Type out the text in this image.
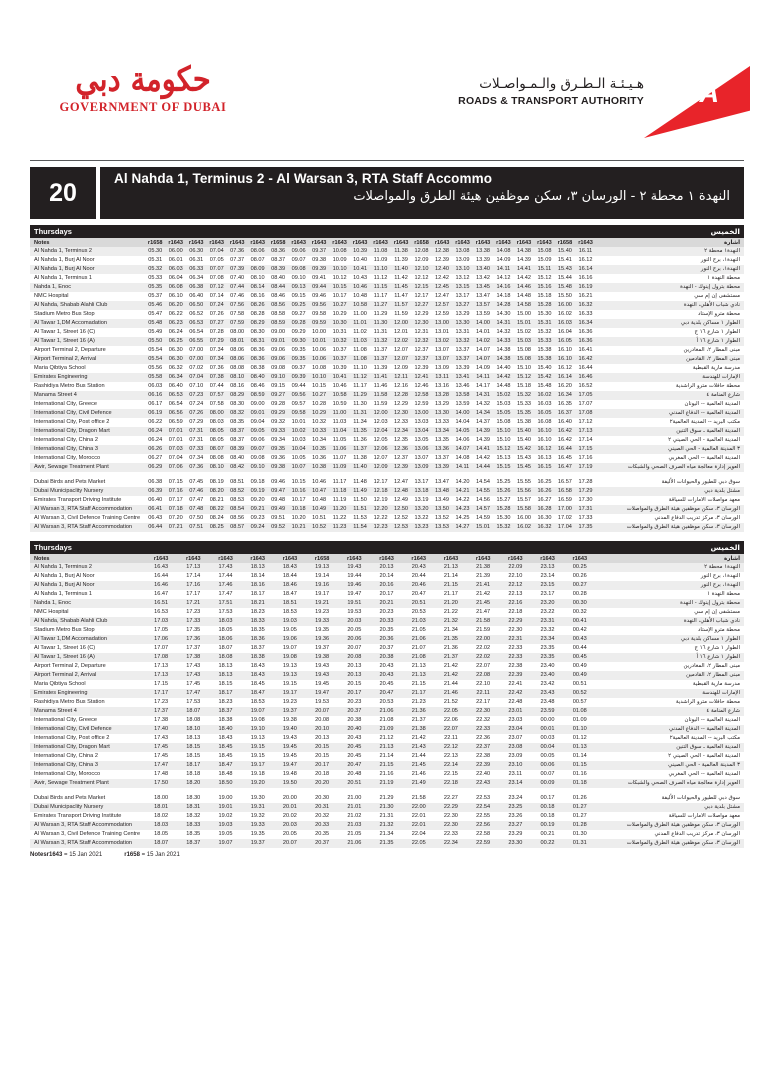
حكومة دبي
GOVERNMENT OF DUBAI
هـيـئـة الـطـرق والـمـواصـلات
ROADS & TRANSPORT AUTHORITY RTA
20	Al Nahda 1, Terminus 2 - Al Warsan 3, RTA Staff Accommo
النهدة ١ محطة ٢ - الورسان ٣، سكن موظفين هيئة الطرق والمواصلات
Thursdays												الخميس											
Notes	r1658	r1643	r1643	r1643	r1643	r1643	r1658	r1643	r1643	r1643	r1643	r1643	r1643	r1658	r1643	r1643	r1643	r1643	r1643	r1643	r1658	r1643	اشارة
Al Nahda 1, Terminus 2	05.30	06.00	06.30	07.04	07.36	08.06	08.36	09.06	09.37	10.08	10.39	11.08	11.38	12.08	12.38	13.08	13.38	14.08	14.38	15.08	15.40	16.11	النهدة١ محطة ٢
Al Nahda 1, Burj Al Noor	05.31	06.01	06.31	07.05	07.37	08.07	08.37	09.07	09.38	10.09	10.40	11.09	11.39	12.09	12.39	13.09	13.39	14.09	14.39	15.09	15.41	16.12	النهدة١، برج النور
Al Nahda 1, Burj Al Noor	05.32	06.03	06.33	07.07	07.39	08.09	08.39	09.08	09.39	10.10	10.41	11.10	11.40	12.10	12.40	13.10	13.40	14.11	14.41	15.11	15.43	16.14	النهدة١، برج النور
Al Nahda 1, Terminus 1	05.33	06.04	06.34	07.08	07.40	08.10	08.40	09.10	09.41	10.12	10.43	11.12	11.42	12.12	12.42	13.12	13.42	14.12	14.42	15.12	15.44	16.16	محطة النهدة ١
Nahda 1, Enoc	05.35	06.08	06.38	07.12	07.44	08.14	08.44	09.13	09.44	10.15	10.46	11.15	11.45	12.15	12.45	13.15	13.45	14.16	14.46	15.16	15.48	16.19	محطة بترول إينوك - النهدة
NMC Hospital	05.37	06.10	06.40	07.14	07.46	08.16	08.46	09.15	09.46	10.17	10.48	11.17	11.47	12.17	12.47	13.17	13.47	14.18	14.48	15.18	15.50	16.21	مستشفى إن إم سي
Al Nahda, Shabab Alahli Club	05.46	06.20	06.50	07.24	07.56	08.26	08.56	09.25	09.56	10.27	10.58	11.27	11.57	12.27	12.57	13.27	13.57	14.28	14.58	15.28	16.00	16.32	نادي شباب الأهلي، النهدة
Stadium Metro Bus Stop	05.47	06.22	06.52	07.26	07.58	08.28	08.58	09.27	09.58	10.29	11.00	11.29	11.59	12.29	12.59	13.29	13.59	14.30	15.00	15.30	16.02	16.33	محطة مترو الإستاد
Al Tawar 1,DM Accomadation	05.48	06.23	06.53	07.27	07.59	08.29	08.59	09.28	09.59	10.30	11.01	11.30	12.00	12.30	13.00	13.30	14.00	14.31	15.01	15.31	16.03	16.34	الطوار ١ مساكن بلدية دبي
Al Tawar 1, Street 16 (C)	05.49	06.24	06.54	07.28	08.00	08.30	09.00	09.29	10.00	10.31	11.02	11.31	12.01	12.31	13.01	13.31	14.01	14.32	15.02	15.32	16.04	16.36	الطوار ١ شارع ١٦ ج
Al Tawar 1, Street 16 (A)	05.50	06.25	06.55	07.29	08.01	08.31	09.01	09.30	10.01	10.32	11.03	11.32	12.02	12.32	13.02	13.32	14.02	14.33	15.03	15.33	16.05	16.36	الطوار ١ شارع ١٦ أ
Airport Terminal 2, Departure	05.54	06.30	07.00	07.34	08.06	08.36	09.06	09.35	10.06	10.37	11.08	11.37	12.07	12.37	13.07	13.37	14.07	14.38	15.08	15.38	16.10	16.41	مبنى المطار ٢، المغادرين
Airport Terminal 2, Arrival	05.54	06.30	07.00	07.34	08.06	08.36	09.06	09.35	10.06	10.37	11.08	11.37	12.07	12.37	13.07	13.37	14.07	14.38	15.08	15.38	16.10	16.42	مبنى المطار ٢، القادمين
Maria Qibtiya School	05.56	06.32	07.02	07.36	08.08	08.38	09.08	09.37	10.08	10.39	11.10	11.39	12.09	12.39	13.09	13.39	14.09	14.40	15.10	15.40	16.12	16.44	مدرسة مارية القبطية
Emirates Engineering	05.58	06.34	07.04	07.38	08.10	08.40	09.10	09.39	10.10	10.41	11.12	11.41	12.11	12.41	13.11	13.41	14.11	14.42	15.12	15.42	16.14	16.46	الإمارات للهندسة
Rashidiya Metro Bus Station	06.03	06.40	07.10	07.44	08.16	08.46	09.15	09.44	10.15	10.46	11.17	11.46	12.16	12.46	13.16	13.46	14.17	14.48	15.18	15.48	16.20	16.52	محطة حافلات مترو الراشدية
Manama Street 4	06.16	06.53	07.23	07.57	08.29	08.59	09.27	09.56	10.27	10.58	11.29	11.58	12.28	12.58	13.28	13.58	14.31	15.02	15.32	16.02	16.34	17.05	شارع المنامة ٤
International City, Greece	06.17	06.54	07.24	07.58	08.30	09.00	09.28	09.57	10.28	10.59	11.30	11.59	12.29	12.59	13.29	13.59	14.32	15.03	15.33	16.03	16.35	17.07	المدينة العالمية -- اليونان
International City, Civil Defence	06.19	06.56	07.26	08.00	08.32	09.01	09.29	09.58	10.29	11.00	11.31	12.00	12.30	13.00	13.30	14.00	14.34	15.05	15.35	16.05	16.37	17.08	المدينة العالمية -- الدفاع المدني
International City, Post office 2	06.22	06.59	07.29	08.03	08.35	09.04	09.32	10.01	10.32	11.03	11.34	12.03	12.33	13.03	13.33	14.04	14.37	15.08	15.38	16.08	16.40	17.12	مكتب البريد -- المدينة العالمية٢
International City, Dragon Mart	06.24	07.01	07.31	08.05	08.37	09.05	09.33	10.02	10.33	11.04	11.35	12.04	12.34	13.04	13.34	14.05	14.39	15.10	15.40	16.10	16.42	17.13	المدينة العالمية ـ سوق التنين
International City, China 2	06.24	07.01	07.31	08.05	08.37	09.06	09.34	10.03	10.34	11.05	11.36	12.05	12.35	13.05	13.35	14.06	14.39	15.10	15.40	16.10	16.42	17.14	المدينة العالمية - الحي الصيني ٢
International City, China 3	06.26	07.03	07.33	08.07	08.39	09.07	09.35	10.04	10.35	11.06	11.37	12.06	12.36	13.06	13.36	14.07	14.41	15.12	15.42	16.12	16.44	17.15	٣ المدينة العالمية - الحي الصيني
International City, Morocco	06.27	07.04	07.34	08.08	08.40	09.08	09.36	10.05	10.36	11.07	11.38	12.07	12.37	13.07	13.37	14.08	14.42	15.13	15.43	16.13	16.45	17.16	المدينة العالمية -- الحي المغربي
Awir, Sewage Treatment Plant	06.29	07.06	07.36	08.10	08.42	09.10	09.38	10.07	10.38	11.09	11.40	12.09	12.39	13.09	13.39	14.11	14.44	15.15	15.45	16.15	16.47	17.19	العوير إدارة معالجة مياه الصرف الصحي والشبكات

Dubai Birds and Pets Market	06.38	07.15	07.45	08.19	08.51	09.18	09.46	10.15	10.46	11.17	11.48	12.17	12.47	13.17	13.47	14.20	14.54	15.25	15.55	16.25	16.57	17.28	سوق دبي للطيور والحيوانات الأليفة
Dubai Municipaclity Nursery	06.39	07.16	07.46	08.20	08.52	09.19	09.47	10.16	10.47	11.18	11.49	12.18	12.48	13.18	13.48	14.21	14.55	15.26	15.56	16.26	16.58	17.29	مشتل بلدية دبي
Emirates Transport Driving Institute	06.40	07.17	07.47	08.21	08.53	09.20	09.48	10.17	10.48	11.19	11.50	12.19	12.49	13.19	13.49	14.22	14.56	15.27	15.57	16.27	16.59	17.30	معهد مواصلات الامارات للسياقة
Al Warsan 3, RTA Staff Accommodation	06.41	07.18	07.48	08.22	08.54	09.21	09.49	10.18	10.49	11.20	11.51	12.20	12.50	13.20	13.50	14.23	14.57	15.28	15.58	16.28	17.00	17.31	الورسان ٣، سكن موظفين هيئة الطرق والمواصلات
Al Warsan 3, Civil Defence Training Centre	06.43	07.20	07.50	08.24	08.56	09.23	09.51	10.20	10.51	11.22	11.53	12.22	12.52	13.22	13.52	14.25	14.59	15.30	16.00	16.30	17.02	17.33	الورسان ٣، مركز تدريب الدفاع المدني
Al Warsan 3, RTA Staff Accommodation	06.44	07.21	07.51	08.25	08.57	09.24	09.52	10.21	10.52	11.23	11.54	12.23	12.53	13.23	13.53	14.27	15.01	15.32	16.02	16.32	17.04	17.35	الورسان ٣، سكن موظفين هيئة الطرق والمواصلات
Thursdays								الخميس							
Notes	r1643	r1643	r1643	r1643	r1643	r1658	r1643	r1643	r1643	r1643	r1643	r1643	r1643	r1643	اشارة
Al Nahda 1, Terminus 2	16.43	17.13	17.43	18.13	18.43	19.13	19.43	20.13	20.43	21.13	21.38	22.09	23.13	00.25	النهدة١ محطة ٢
Al Nahda 1, Burj Al Noor	16.44	17.14	17.44	18.14	18.44	19.14	19.44	20.14	20.44	21.14	21.39	22.10	23.14	00.26	النهدة١، برج النور
Al Nahda 1, Burj Al Noor	16.46	17.16	17.46	18.16	18.46	19.16	19.46	20.16	20.46	21.15	21.41	22.12	23.15	00.27	النهدة١، برج النور
Al Nahda 1, Terminus 1	16.47	17.17	17.47	18.17	18.47	19.17	19.47	20.17	20.47	21.17	21.42	22.13	23.17	00.28	محطة النهدة ١
Nahda 1, Enoc	16.51	17.21	17.51	18.21	18.51	19.21	19.51	20.21	20.51	21.20	21.45	22.16	23.20	00.30	محطة بترول إينوك - النهدة
NMC Hospital	16.53	17.23	17.53	18.23	18.53	19.23	19.53	20.23	20.53	21.22	21.47	22.18	23.22	00.32	مستشفى إن إم سي
Al Nahda, Shabab Alahli Club	17.03	17.33	18.03	18.33	19.03	19.33	20.03	20.33	21.03	21.32	21.58	22.29	23.31	00.41	نادي شباب الأهلي، النهدة
Stadium Metro Bus Stop	17.05	17.35	18.05	18.35	19.05	19.35	20.05	20.35	21.05	21.34	21.59	22.30	23.32	00.42	محطة مترو الإستاد
Al Tawar 1,DM Accomadation	17.06	17.36	18.06	18.36	19.06	19.36	20.06	20.36	21.06	21.35	22.00	22.31	23.34	00.43	الطوار ١ مساكن بلدية دبي
Al Tawar 1, Street 16 (C)	17.07	17.37	18.07	18.37	19.07	19.37	20.07	20.37	21.07	21.36	22.02	22.33	23.35	00.44	الطوار ١ شارع ١٦ ج
Al Tawar 1, Street 16 (A)	17.08	17.38	18.08	18.38	19.08	19.38	20.08	20.38	21.08	21.37	22.02	22.33	23.35	00.45	الطوار ١ شارع ١٦ أ
Airport Terminal 2, Departure	17.13	17.43	18.13	18.43	19.13	19.43	20.13	20.43	21.13	21.42	22.07	22.38	23.40	00.49	مبنى المطار ٢، المغادرين
Airport Terminal 2, Arrival	17.13	17.43	18.13	18.43	19.13	19.43	20.13	20.43	21.13	21.42	22.08	22.39	23.40	00.49	مبنى المطار ٢، القادمين
Maria Qibtiya School	17.15	17.45	18.15	18.45	19.15	19.45	20.15	20.45	21.15	21.44	22.10	22.41	23.42	00.51	مدرسة مارية القبطية
Emirates Engineering	17.17	17.47	18.17	18.47	19.17	19.47	20.17	20.47	21.17	21.46	22.11	22.42	23.43	00.52	الإمارات للهندسة
Rashidiya Metro Bus Station	17.23	17.53	18.23	18.53	19.23	19.53	20.23	20.53	21.23	21.52	22.17	22.48	23.48	00.57	محطة حافلات مترو الراشدية
Manama Street 4	17.37	18.07	18.37	19.07	19.37	20.07	20.37	21.06	21.36	22.05	22.30	23.01	23.59	01.08	شارع المنامة ٤
International City, Greece	17.38	18.08	18.38	19.08	19.38	20.08	20.38	21.08	21.37	22.06	22.32	23.03	00.00	01.09	المدينة العالمية -- اليونان
International City, Civil Defence	17.40	18.10	18.40	19.10	19.40	20.10	20.40	21.09	21.38	22.07	22.33	23.04	00.01	01.10	المدينة العالمية -- الدفاع المدني
International City, Post office 2	17.43	18.13	18.43	19.13	19.43	20.13	20.43	21.12	21.42	22.11	22.36	23.07	00.03	01.12	مكتب البريد -- المدينة العالمية٢
International City, Dragon Mart	17.45	18.15	18.45	19.15	19.45	20.15	20.45	21.13	21.43	22.12	22.37	23.08	00.04	01.13	المدينة العالمية ـ سوق التنين
International City, China 2	17.45	18.15	18.45	19.15	19.45	20.15	20.45	21.14	21.44	22.13	22.38	23.09	00.05	01.14	المدينة العالمية - الحي الصيني ٢
International City, China 3	17.47	18.17	18.47	19.17	19.47	20.17	20.47	21.15	21.45	22.14	22.39	23.10	00.06	01.15	٣ المدينة العالمية - الحي الصيني
International City, Morocco	17.48	18.18	18.48	19.18	19.48	20.18	20.48	21.16	21.46	22.15	22.40	23.11	00.07	01.16	المدينة العالمية -- الحي المغربي
Awir, Sewage Treatment Plant	17.50	18.20	18.50	19.20	19.50	20.20	20.51	21.19	21.49	22.18	22.43	23.14	00.09	01.18	العوير إدارة معالجة مياه الصرف الصحي والشبكات

Dubai Birds and Pets Market	18.00	18.30	19.00	19.30	20.00	20.30	21.00	21.29	21.58	22.27	22.53	23.24	00.17	01.26	سوق دبي للطيور والحيوانات الأليفة
Dubai Municipaclity Nursery	18.01	18.31	19.01	19.31	20.01	20.31	21.01	21.30	22.00	22.29	22.54	23.25	00.18	01.27	مشتل بلدية دبي
Emirates Transport Driving Institute	18.02	18.32	19.02	19.32	20.02	20.32	21.02	21.31	22.01	22.30	22.55	23.26	00.18	01.27	معهد مواصلات الامارات للسياقة
Al Warsan 3, RTA Staff Accommodation	18.03	18.33	19.03	19.33	20.03	20.33	21.03	21.32	22.01	22.30	22.56	23.27	00.19	01.28	الورسان ٣، سكن موظفين هيئة الطرق والمواصلات
Al Warsan 3, Civil Defence Training Centre	18.05	18.35	19.05	19.35	20.05	20.35	21.05	21.34	22.04	22.33	22.58	23.29	00.21	01.30	الورسان ٣، مركز تدريب الدفاع المدني
Al Warsan 3, RTA Staff Accommodation	18.07	18.37	19.07	19.37	20.07	20.37	21.06	21.35	22.05	22.34	22.59	23.30	00.22	01.31	الورسان ٣، سكن موظفين هيئة الطرق والمواصلات
Notesr1643 = 15 Jan 2021	r1658 = 15 Jan 2021
